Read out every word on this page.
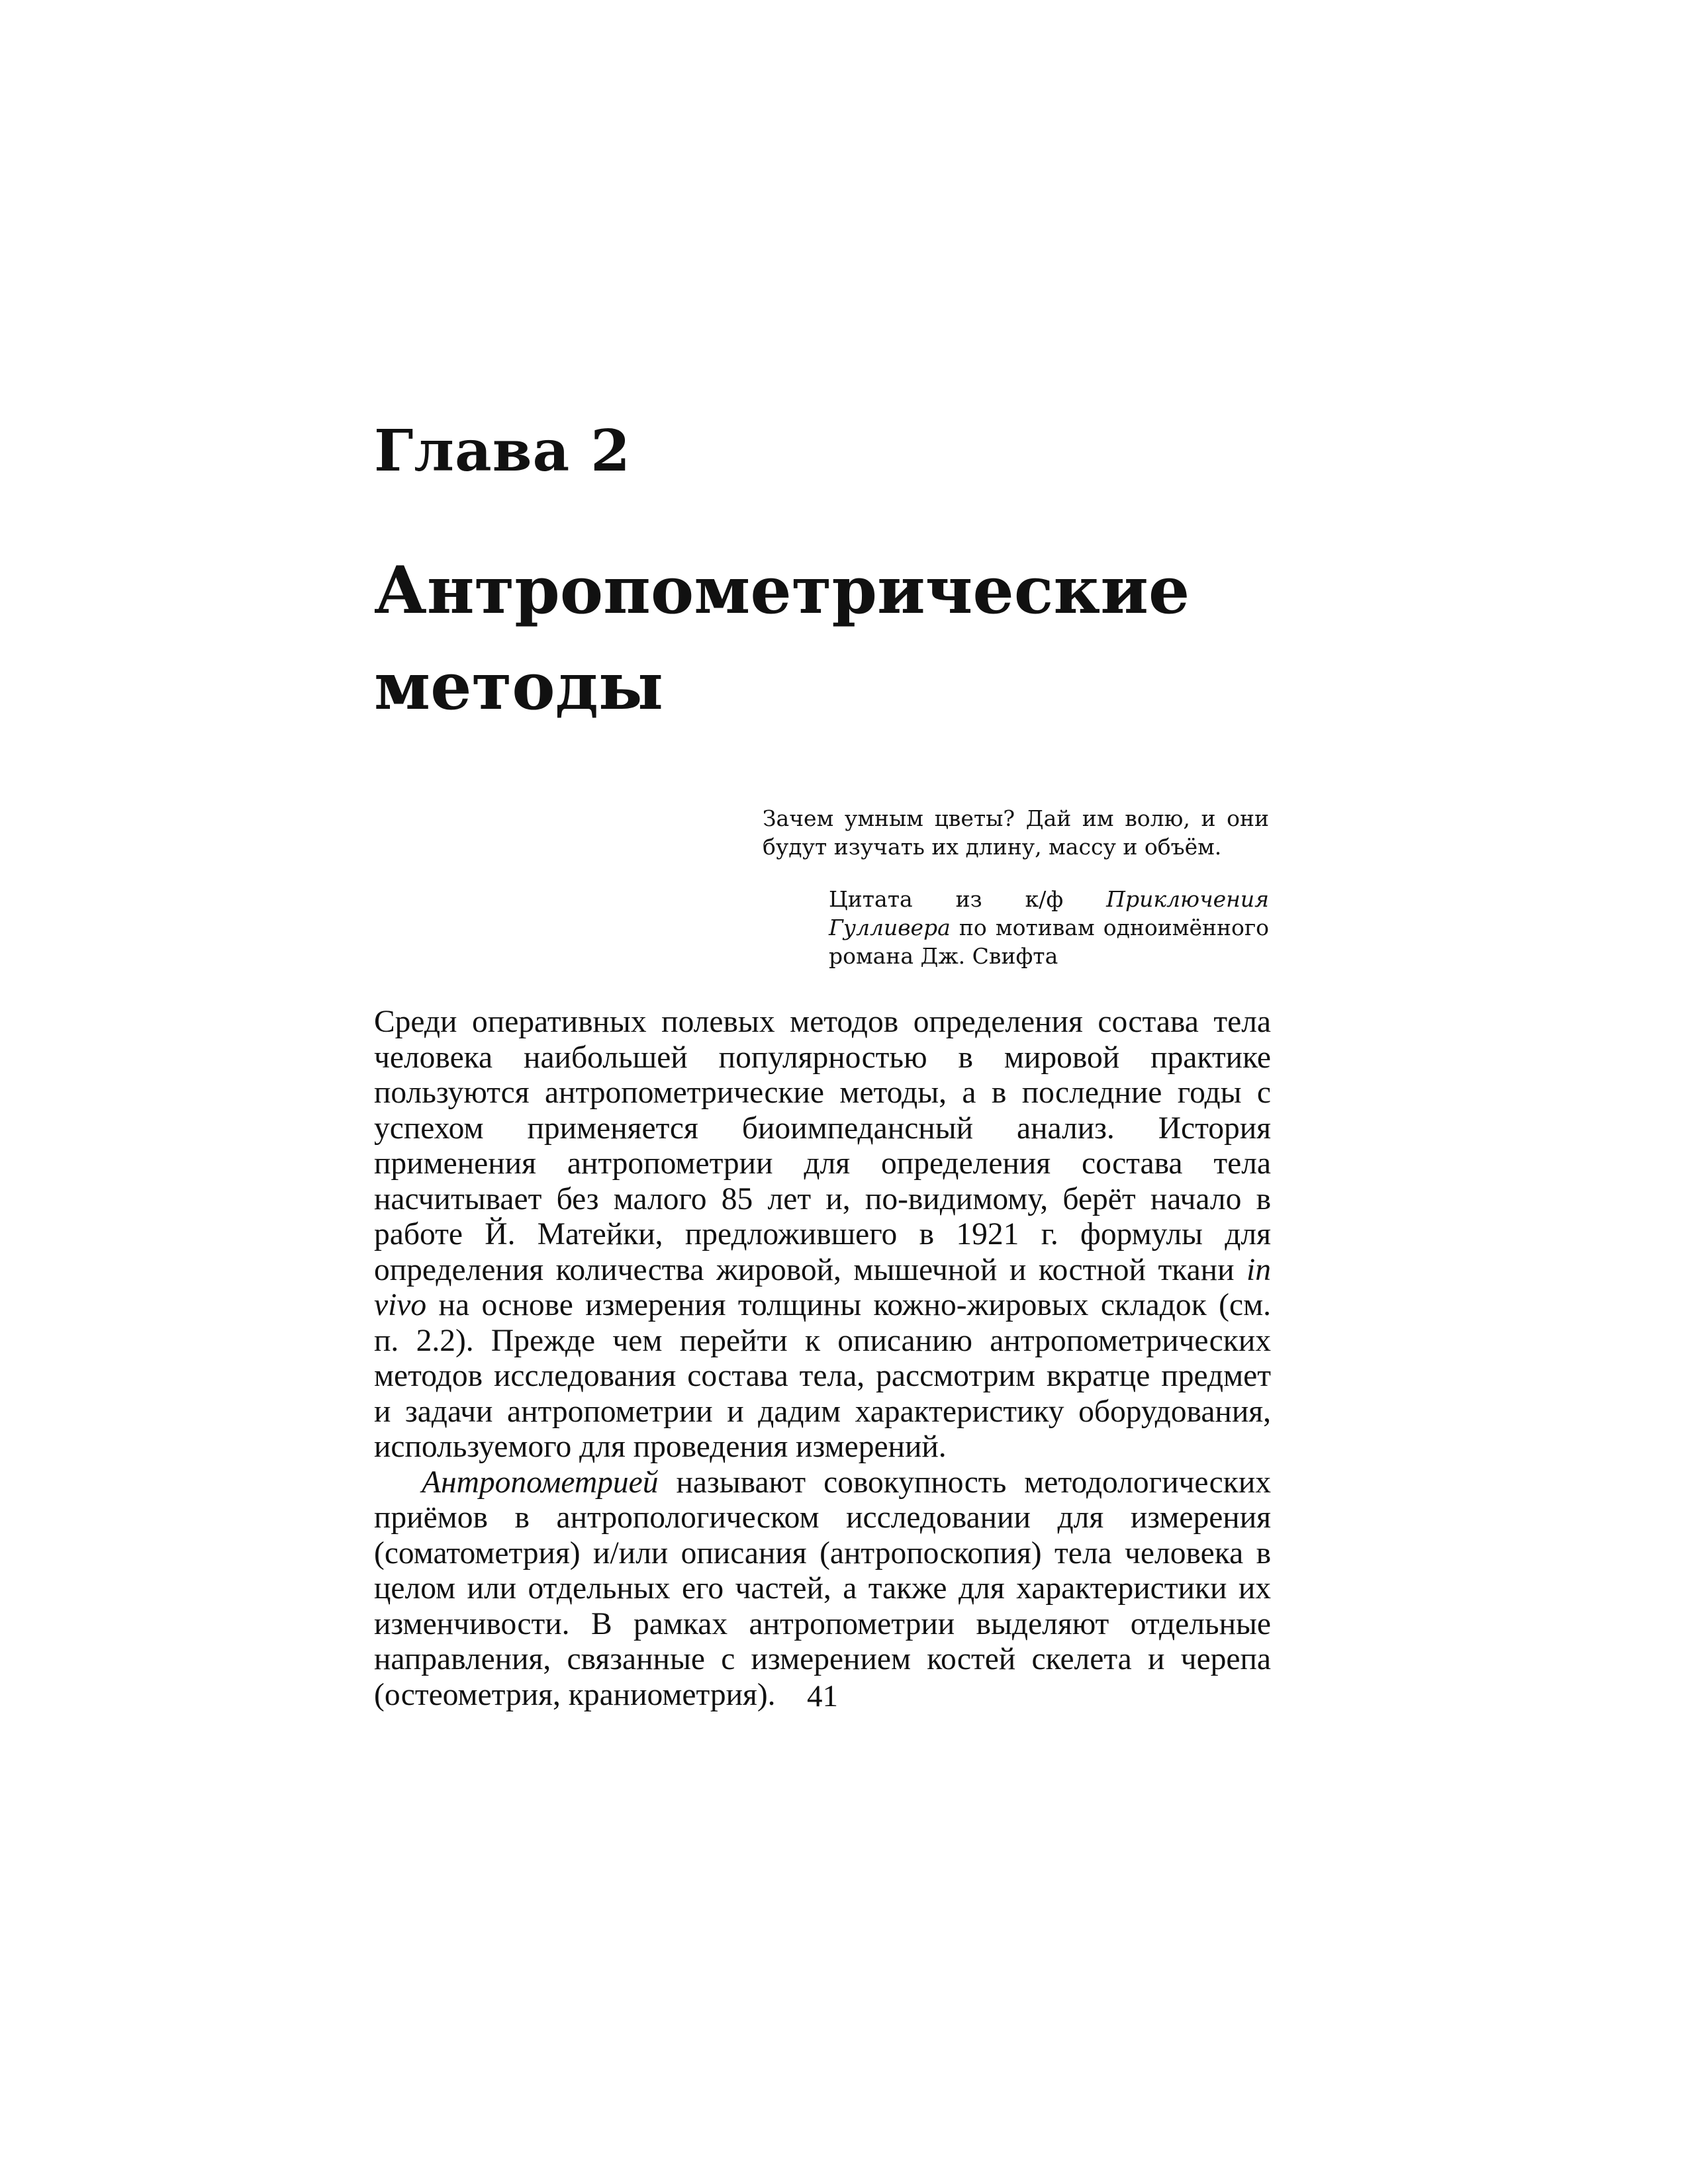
Глава 2
Антропометрические методы

Зачем умным цветы? Дай им волю, и они будут изучать их длину, массу и объём.

Цитата из к/ф Приключения Гулливера по мотивам одноимённого романа Дж. Свифта

Среди оперативных полевых методов определения состава тела человека наибольшей популярностью в мировой практике пользуются антропометрические методы, а в последние годы с успехом применяется биоимпедансный анализ. История применения антропометрии для определения состава тела насчитывает без малого 85 лет и, по-видимому, берёт начало в работе Й. Матейки, предложившего в 1921 г. формулы для определения количества жировой, мышечной и костной ткани in vivo на основе измерения толщины кожно-жировых складок (см. п. 2.2). Прежде чем перейти к описанию антропометрических методов исследования состава тела, рассмотрим вкратце предмет и задачи антропометрии и дадим характеристику оборудования, используемого для проведения измерений.

Антропометрией называют совокупность методологических приёмов в антропологическом исследовании для измерения (соматометрия) и/или описания (антропоскопия) тела человека в целом или отдельных его частей, а также для характеристики их изменчивости. В рамках антропометрии выделяют отдельные направления, связанные с измерением костей скелета и черепа (остеометрия, краниометрия).	41
